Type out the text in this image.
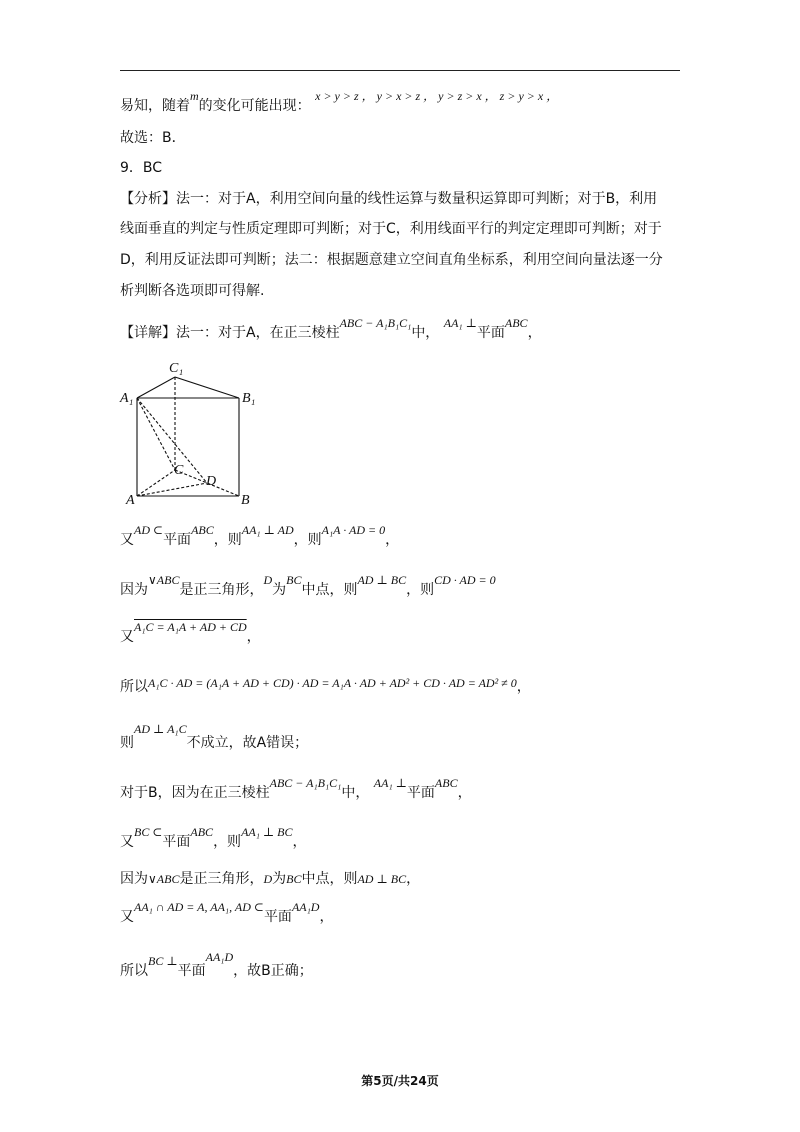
易知，随着m的变化可能出现： x > y > z ， y > x > z ， y > z > x ， z > y > x ，
故选：B．
9．BC
【分析】法一：对于A，利用空间向量的线性运算与数量积运算即可判断；对于B，利用
线面垂直的判定与性质定理即可判断；对于C，利用线面平行的判定定理即可判断；对于
D，利用反证法即可判断；法二：根据题意建立空间直角坐标系，利用空间向量法逐一分
析判断各选项即可得解.
【详解】法一：对于A，在正三棱柱ABC − A₁B₁C₁中， AA₁ ⊥平面ABC，
A₁
C₁
B₁
C
D
A	B
又AD ⊂平面ABC，则AA₁ ⊥ AD，则A₁A · AD = 0，
因为∨ABC是正三角形，D为BC中点，则AD ⊥ BC，则CD · AD = 0
又A₁C = A₁A + AD + CD，
所以A₁C · AD = (A₁A + AD + CD) · AD = A₁A · AD + AD² + CD · AD = AD² ≠ 0，
则AD ⊥ A₁C不成立，故A错误；
对于B，因为在正三棱柱ABC − A₁B₁C₁中， AA₁ ⊥平面ABC，
又BC ⊂平面ABC，则AA₁ ⊥ BC，
因为∨ABC是正三角形，D为BC中点，则AD ⊥ BC，
又AA₁ ∩ AD = A, AA₁, AD ⊂平面AA₁D，
所以BC ⊥平面AA₁D，故B正确；
第5页/共24页
